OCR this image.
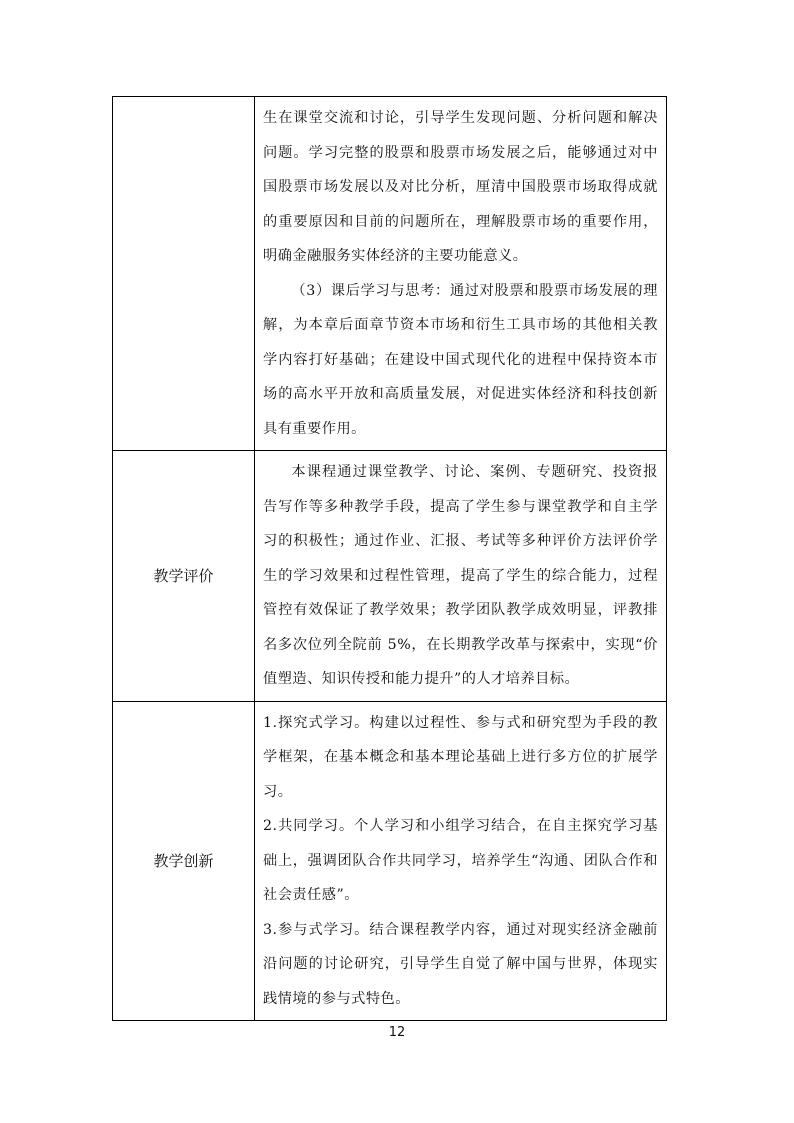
	生在课堂交流和讨论，引导学生发现问题、分析问题和解决问题。学习完整的股票和股票市场发展之后，能够通过对中国股票市场发展以及对比分析，厘清中国股票市场取得成就的重要原因和目前的问题所在，理解股票市场的重要作用，明确金融服务实体经济的主要功能意义。

（3）课后学习与思考：通过对股票和股票市场发展的理解，为本章后面章节资本市场和衍生工具市场的其他相关教学内容打好基础；在建设中国式现代化的进程中保持资本市场的高水平开放和高质量发展，对促进实体经济和科技创新具有重要作用。

教学评价	本课程通过课堂教学、讨论、案例、专题研究、投资报告写作等多种教学手段，提高了学生参与课堂教学和自主学习的积极性；通过作业、汇报、考试等多种评价方法评价学生的学习效果和过程性管理，提高了学生的综合能力，过程管控有效保证了教学效果；教学团队教学成效明显，评教排名多次位列全院前 5%，在长期教学改革与探索中，实现“价值塑造、知识传授和能力提升”的人才培养目标。

教学创新	1.探究式学习。构建以过程性、参与式和研究型为手段的教学框架，在基本概念和基本理论基础上进行多方位的扩展学习。

2.共同学习。个人学习和小组学习结合，在自主探究学习基础上，强调团队合作共同学习，培养学生“沟通、团队合作和社会责任感”。

3.参与式学习。结合课程教学内容，通过对现实经济金融前沿问题的讨论研究，引导学生自觉了解中国与世界，体现实践情境的参与式特色。

12
